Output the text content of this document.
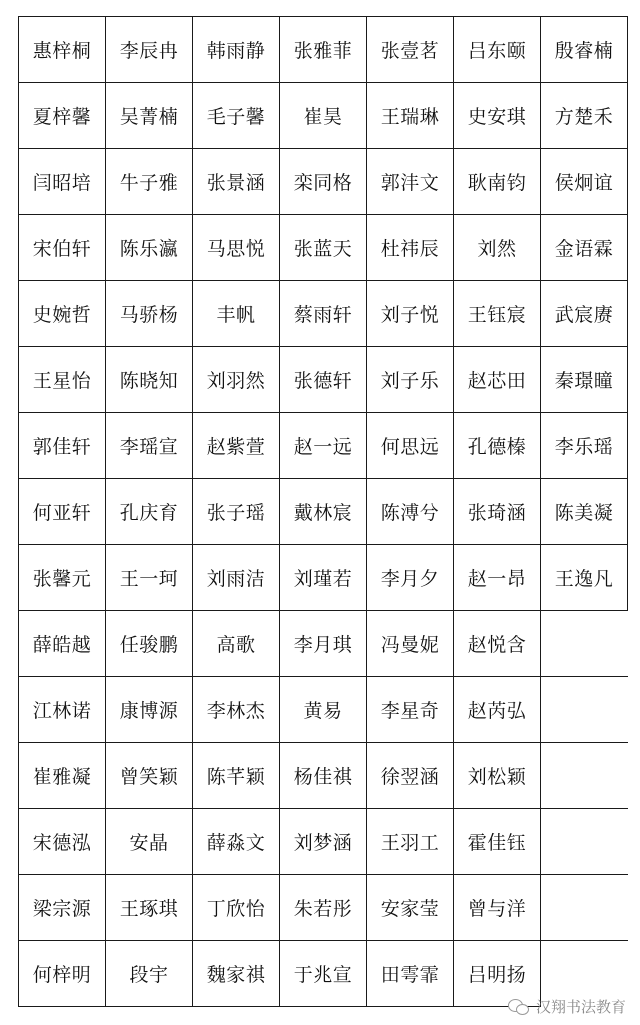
惠梓桐	李辰冉	韩雨静	张雅菲	张壹茗	吕东颐	殷睿楠
夏梓馨	吴菁楠	毛子馨	崔昊	王瑞琳	史安琪	方楚禾
闫昭培	牛子雅	张景涵	栾同格	郭沣文	耿南钧	侯炯谊
宋伯轩	陈乐瀛	马思悦	张蓝天	杜祎辰	刘然	金语霖
史婉哲	马骄杨	丰帆	蔡雨轩	刘子悦	王钰宸	武宸赓
王星怡	陈晓知	刘羽然	张德轩	刘子乐	赵芯田	秦璟曈
郭佳轩	李瑶宣	赵紫萱	赵一远	何思远	孔德榛	李乐瑶
何亚轩	孔庆育	张子瑶	戴林宸	陈溥兮	张琦涵	陈美凝
张馨元	王一珂	刘雨洁	刘瑾若	李月夕	赵一昂	王逸凡
薛皓越	任骏鹏	高歌	李月琪	冯曼妮	赵悦含	
江林诺	康博源	李林杰	黄易	李星奇	赵芮弘	
崔雅凝	曾笑颖	陈芊颖	杨佳祺	徐翌涵	刘松颖	
宋德泓	安晶	薛淼文	刘梦涵	王羽工	霍佳钰	
梁宗源	王琢琪	丁欣怡	朱若彤	安家莹	曾与洋	
何梓明	段宇	魏家祺	于兆宣	田雩霏	吕明扬	
汉翔书法教育
